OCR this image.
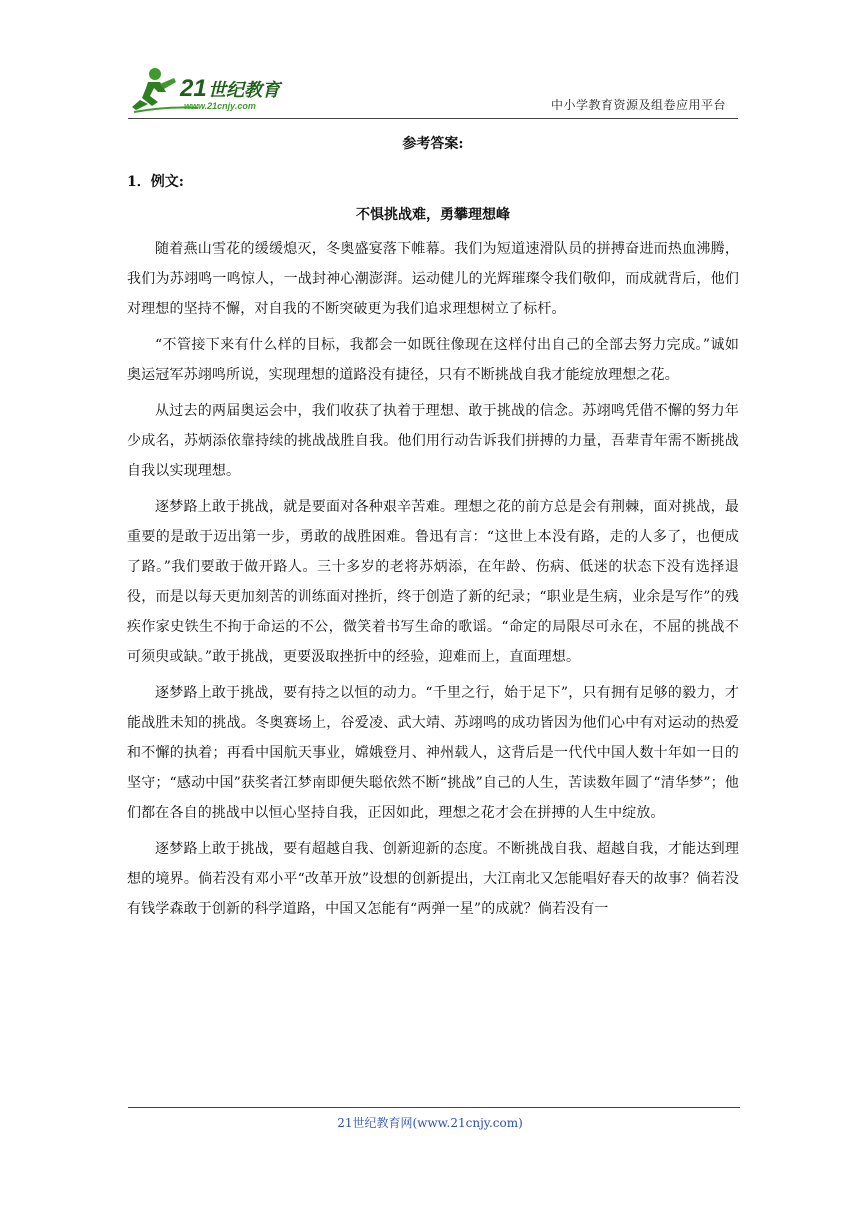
21 世纪教育
www.21cnjy.com	中小学教育资源及组卷应用平台
参考答案:
1．例文:
不惧挑战难，勇攀理想峰

随着燕山雪花的缓缓熄灭，冬奥盛宴落下帷幕。我们为短道速滑队员的拼搏奋进而热血沸腾，我们为苏翊鸣一鸣惊人，一战封神心潮澎湃。运动健儿的光辉璀璨令我们敬仰，而成就背后，他们对理想的坚持不懈，对自我的不断突破更为我们追求理想树立了标杆。

“不管接下来有什么样的目标，我都会一如既往像现在这样付出自己的全部去努力完成。”诚如奥运冠军苏翊鸣所说，实现理想的道路没有捷径，只有不断挑战自我才能绽放理想之花。

从过去的两届奥运会中，我们收获了执着于理想、敢于挑战的信念。苏翊鸣凭借不懈的努力年少成名，苏炳添依靠持续的挑战战胜自我。他们用行动告诉我们拼搏的力量，吾辈青年需不断挑战自我以实现理想。

逐梦路上敢于挑战，就是要面对各种艰辛苦难。理想之花的前方总是会有荆棘，面对挑战，最重要的是敢于迈出第一步，勇敢的战胜困难。鲁迅有言：“这世上本没有路，走的人多了，也便成了路。”我们要敢于做开路人。三十多岁的老将苏炳添，在年龄、伤病、低迷的状态下没有选择退役，而是以每天更加刻苦的训练面对挫折，终于创造了新的纪录；“职业是生病，业余是写作”的残疾作家史铁生不拘于命运的不公，微笑着书写生命的歌谣。“命定的局限尽可永在，不屈的挑战不可须臾或缺。”敢于挑战，更要汲取挫折中的经验，迎难而上，直面理想。

逐梦路上敢于挑战，要有持之以恒的动力。“千里之行，始于足下”，只有拥有足够的毅力，才能战胜未知的挑战。冬奥赛场上，谷爱凌、武大靖、苏翊鸣的成功皆因为他们心中有对运动的热爱和不懈的执着；再看中国航天事业，嫦娥登月、神州载人，这背后是一代代中国人数十年如一日的坚守；“感动中国”获奖者江梦南即便失聪依然不断“挑战”自己的人生，苦读数年圆了“清华梦”；他们都在各自的挑战中以恒心坚持自我，正因如此，理想之花才会在拼搏的人生中绽放。

逐梦路上敢于挑战，要有超越自我、创新迎新的态度。不断挑战自我、超越自我，才能达到理想的境界。倘若没有邓小平“改革开放”设想的创新提出，大江南北又怎能唱好春天的故事？倘若没有钱学森敢于创新的科学道路，中国又怎能有“两弹一星”的成就？倘若没有一

21世纪教育网(www.21cnjy.com)
